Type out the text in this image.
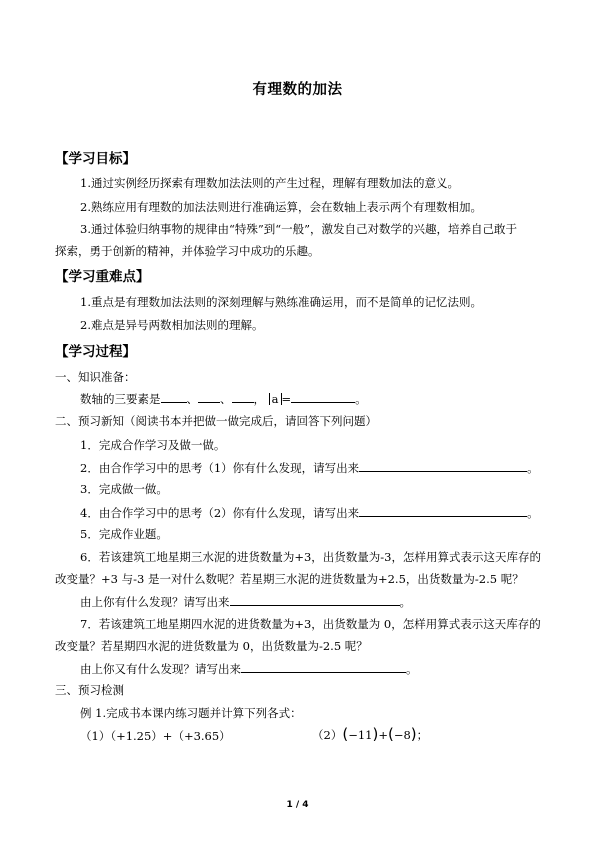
有理数的加法
【学习目标】
1.通过实例经历探索有理数加法法则的产生过程，理解有理数加法的意义。
2.熟练应用有理数的加法法则进行准确运算，会在数轴上表示两个有理数相加。
3.通过体验归纳事物的规律由“特殊”到“一般”，激发自己对数学的兴趣，培养自己敢于
探索，勇于创新的精神，并体验学习中成功的乐趣。
【学习重难点】
1.重点是有理数加法法则的深刻理解与熟练准确运用，而不是简单的记忆法则。
2.难点是异号两数相加法则的理解。
【学习过程】
一、知识准备：
数轴的三要素是 、 、 ， a =	。
二、预习新知（阅读书本并把做一做完成后，请回答下列问题）
1．完成合作学习及做一做。
2．由合作学习中的思考（1）你有什么发现，请写出来	。
3．完成做一做。
4．由合作学习中的思考（2）你有什么发现，请写出来	。
5．完成作业题。
6．若该建筑工地星期三水泥的进货数量为+3，出货数量为-3，怎样用算式表示这天库存的
改变量？+3 与-3 是一对什么数呢？若星期三水泥的进货数量为+2.5，出货数量为-2.5 呢？
由上你有什么发现？请写出来	。
7．若该建筑工地星期四水泥的进货数量为+3，出货数量为 0，怎样用算式表示这天库存的
改变量？若星期四水泥的进货数量为 0，出货数量为-2.5 呢？
由上你又有什么发现？请写出来	。
三、预习检测
例 1.完成书本课内练习题并计算下列各式：
（1）（+1.25）+（+3.65）	（2）(−11)+(−8)；
1 / 4
